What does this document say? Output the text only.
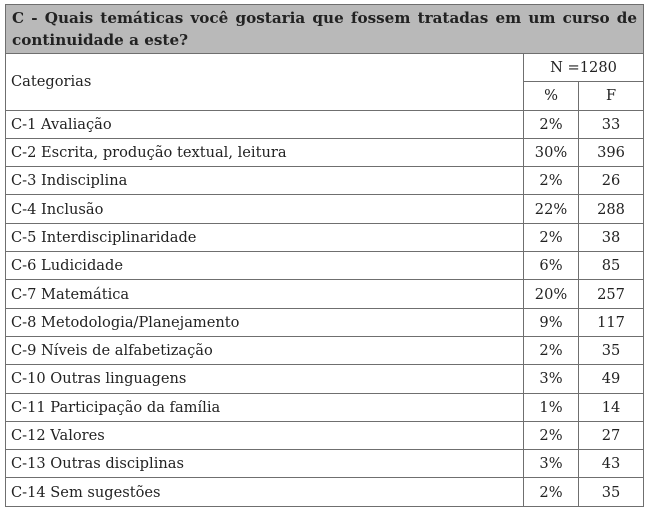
C - Quais temáticas você gostaria que fossem tratadas em um curso de continuidade a este?		
Categorias	N =1280	
	%	F
C-1 Avaliação	2%	33
C-2 Escrita, produção textual, leitura	30%	396
C-3 Indisciplina	2%	26
C-4 Inclusão	22%	288
C-5 Interdisciplinaridade	2%	38
C-6 Ludicidade	6%	85
C-7 Matemática	20%	257
C-8 Metodologia/Planejamento	9%	117
C-9 Níveis de alfabetização	2%	35
C-10 Outras linguagens	3%	49
C-11 Participação da família	1%	14
C-12 Valores	2%	27
C-13 Outras disciplinas	3%	43
C-14 Sem sugestões	2%	35
